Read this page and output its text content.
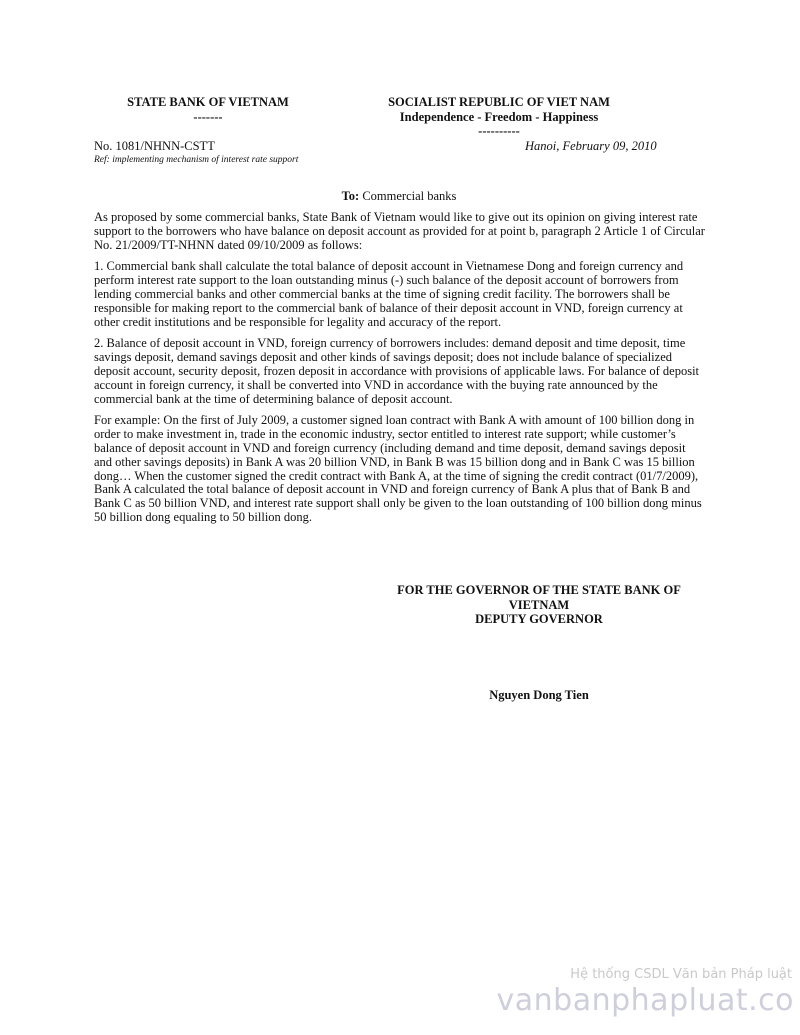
STATE BANK OF VIETNAM
-------
SOCIALIST REPUBLIC OF VIET NAM
Independence - Freedom - Happiness
----------
No. 1081/NHNN-CSTT
Ref: implementing mechanism of interest rate support
Hanoi, February 09, 2010
To: Commercial banks

As proposed by some commercial banks, State Bank of Vietnam would like to give out its opinion on giving interest rate support to the borrowers who have balance on deposit account as provided for at point b, paragraph 2 Article 1 of Circular No. 21/2009/TT-NHNN dated 09/10/2009 as follows:

1. Commercial bank shall calculate the total balance of deposit account in Vietnamese Dong and foreign currency and perform interest rate support to the loan outstanding minus (-) such balance of the deposit account of borrowers from lending commercial banks and other commercial banks at the time of signing credit facility. The borrowers shall be responsible for making report to the commercial bank of balance of their deposit account in VND, foreign currency at other credit institutions and be responsible for legality and accuracy of the report.

2. Balance of deposit account in VND, foreign currency of borrowers includes: demand deposit and time deposit, time savings deposit, demand savings deposit and other kinds of savings deposit; does not include balance of specialized deposit account, security deposit, frozen deposit in accordance with provisions of applicable laws. For balance of deposit account in foreign currency, it shall be converted into VND in accordance with the buying rate announced by the commercial bank at the time of determining balance of deposit account.

For example: On the first of July 2009, a customer signed loan contract with Bank A with amount of 100 billion dong in order to make investment in, trade in the economic industry, sector entitled to interest rate support; while customer’s balance of deposit account in VND and foreign currency (including demand and time deposit, demand savings deposit and other savings deposits) in Bank A was 20 billion VND, in Bank B was 15 billion dong and in Bank C was 15 billion dong… When the customer signed the credit contract with Bank A, at the time of signing the credit contract (01/7/2009), Bank A calculated the total balance of deposit account in VND and foreign currency of Bank A plus that of Bank B and Bank C as 50 billion VND, and interest rate support shall only be given to the loan outstanding of 100 billion dong minus 50 billion dong equaling to 50 billion dong.

FOR THE GOVERNOR OF THE STATE BANK OF
VIETNAM
DEPUTY GOVERNOR
Nguyen Dong Tien
Hệ thống CSDL Văn bản Pháp luật
vanbanphapluat.co
